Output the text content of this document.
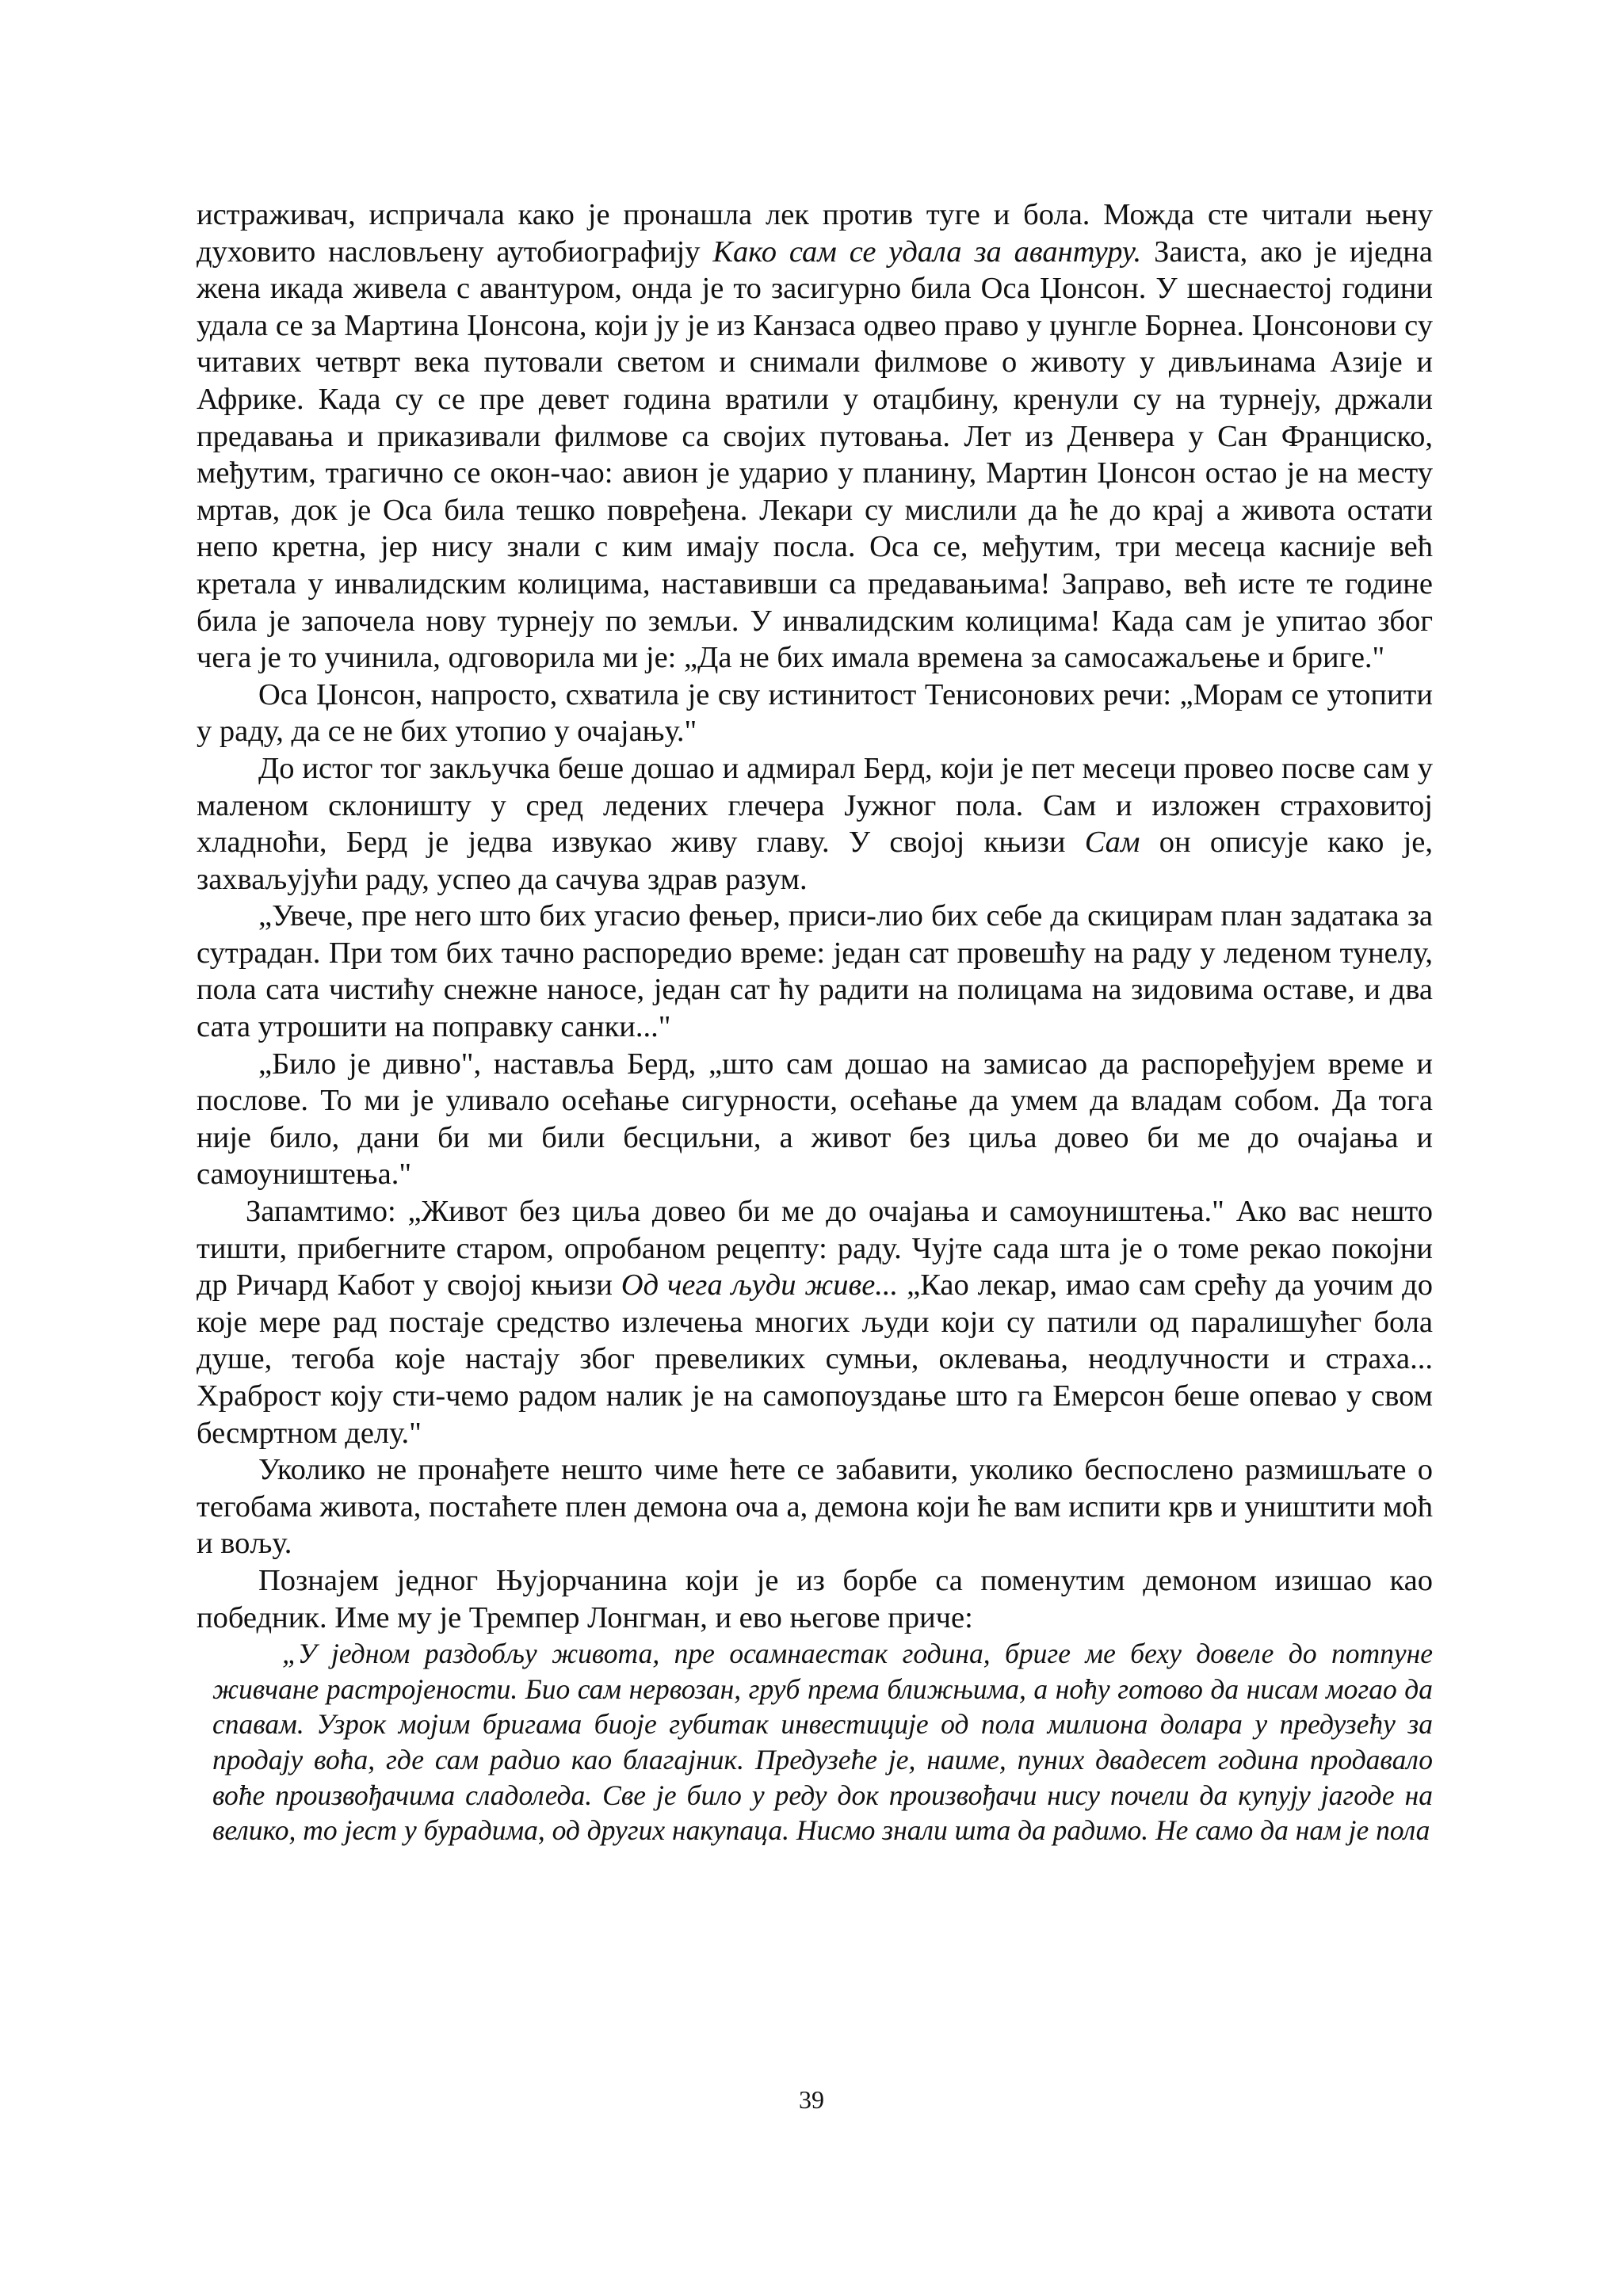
истраживач, испричала како је пронашла лек против туге и бола. Можда сте читали њену духовито насловљену аутобиографију Како сам се удала за авантуру. Заиста, ако је иједна жена икада живела с авантуром, онда је то засигурно била Оса Џонсон. У шеснаестој години удала се за Мартина Џонсона, који ју је из Канзаса одвео право у џунгле Борнеа. Џонсонови су читавих четврт века путовали светом и снимали филмове о животу у дивљинама Азије и Африке. Када су се пре девет година вратили у отаџбину, кренули су на турнеју, држали предавања и приказивали филмове са својих путовања. Лет из Денвера у Сан Франциско, међутим, трагично се окон-чао: авион је ударио у планину, Мартин Џонсон остао је на месту мртав, док је Оса била тешко повређена. Лекари су мислили да ће до крај а живота остати непо кретна, јер нису знали с ким имају посла. Оса се, међутим, три месеца касније већ кретала у инвалидским колицима, наставивши са предавањима! Заправо, већ исте те године била је започела нову турнеју по земљи. У инвалидским колицима! Када сам је упитао због чега је то учинила, одговорила ми је: „Да не бих имала времена за самосажаљење и бриге."

Оса Џонсон, напросто, схватила је сву истинитост Тенисонових речи: „Морам се утопити у раду, да се не бих утопио у очајању."

До истог тог закључка беше дошао и адмирал Берд, који је пет месеци провео посве сам у маленом склоништу у сред ледених глечера Јужног пола. Сам и изложен страховитој хладноћи, Берд је једва извукао живу главу. У својој књизи Сам он описује како је, захваљујући раду, успео да сачува здрав разум.

„Увече, пре него што бих угасио фењер, приси-лио бих себе да скицирам план задатака за сутрадан. При том бих тачно распоредио време: један сат провешћу на раду у леденом тунелу, пола сата чистићу снежне наносе, један сат ћу радити на полицама на зидовима оставе, и два сата утрошити на поправку санки..."

„Било је дивно", наставља Берд, „што сам дошао на замисао да распоређујем време и послове. То ми је уливало осећање сигурности, осећање да умем да владам собом. Да тога није било, дани би ми били бесциљни, а живот без циља довео би ме до очајања и самоуништења."

Запамтимо: „Живот без циља довео би ме до очајања и самоуништења." Ако вас нешто тишти, прибегните старом, опробаном рецепту: раду. Чујте сада шта је о томе рекао покојни др Ричард Кабот у својој књизи Од чега људи живе... „Као лекар, имао сам срећу да уочим до које мере рад постаје средство излечења многих људи који су патили од паралишућег бола душе, тегоба које настају због превеликих сумњи, оклевања, неодлучности и страха... Храброст коју сти-чемо радом налик је на самопоуздање што га Емерсон беше опевао у свом бесмртном делу."

Уколико не пронађете нешто чиме ћете се забавити, уколико беспослено размишљате о тегобама живота, постаћете плен демона оча а, демона који ће вам испити крв и уништити моћ и вољу.

Познајем једног Њујорчанина који је из борбе са поменутим демоном изишао као победник. Име му је Тремпер Лонгман, и ево његове приче:

„У једном раздобљу живота, пре осамнаестак година, бриге ме беху довеле до потпуне живчане растројености. Био сам нервозан, груб према ближњима, а ноћу готово да нисам могао да спавам. Узрок мојим бригама биоје губитак инвестиције од пола милиона долара у предузећу за продају воћа, где сам радио као благајник. Предузеће је, наиме, пуних двадесет година продавало воће произвођачима сладоледа. Све је било у реду док произвођачи нису почели да купују јагоде на велико, то јест у бурадима, од других накупаца. Нисмо знали шта да радимо. Не само да нам је пола

39
